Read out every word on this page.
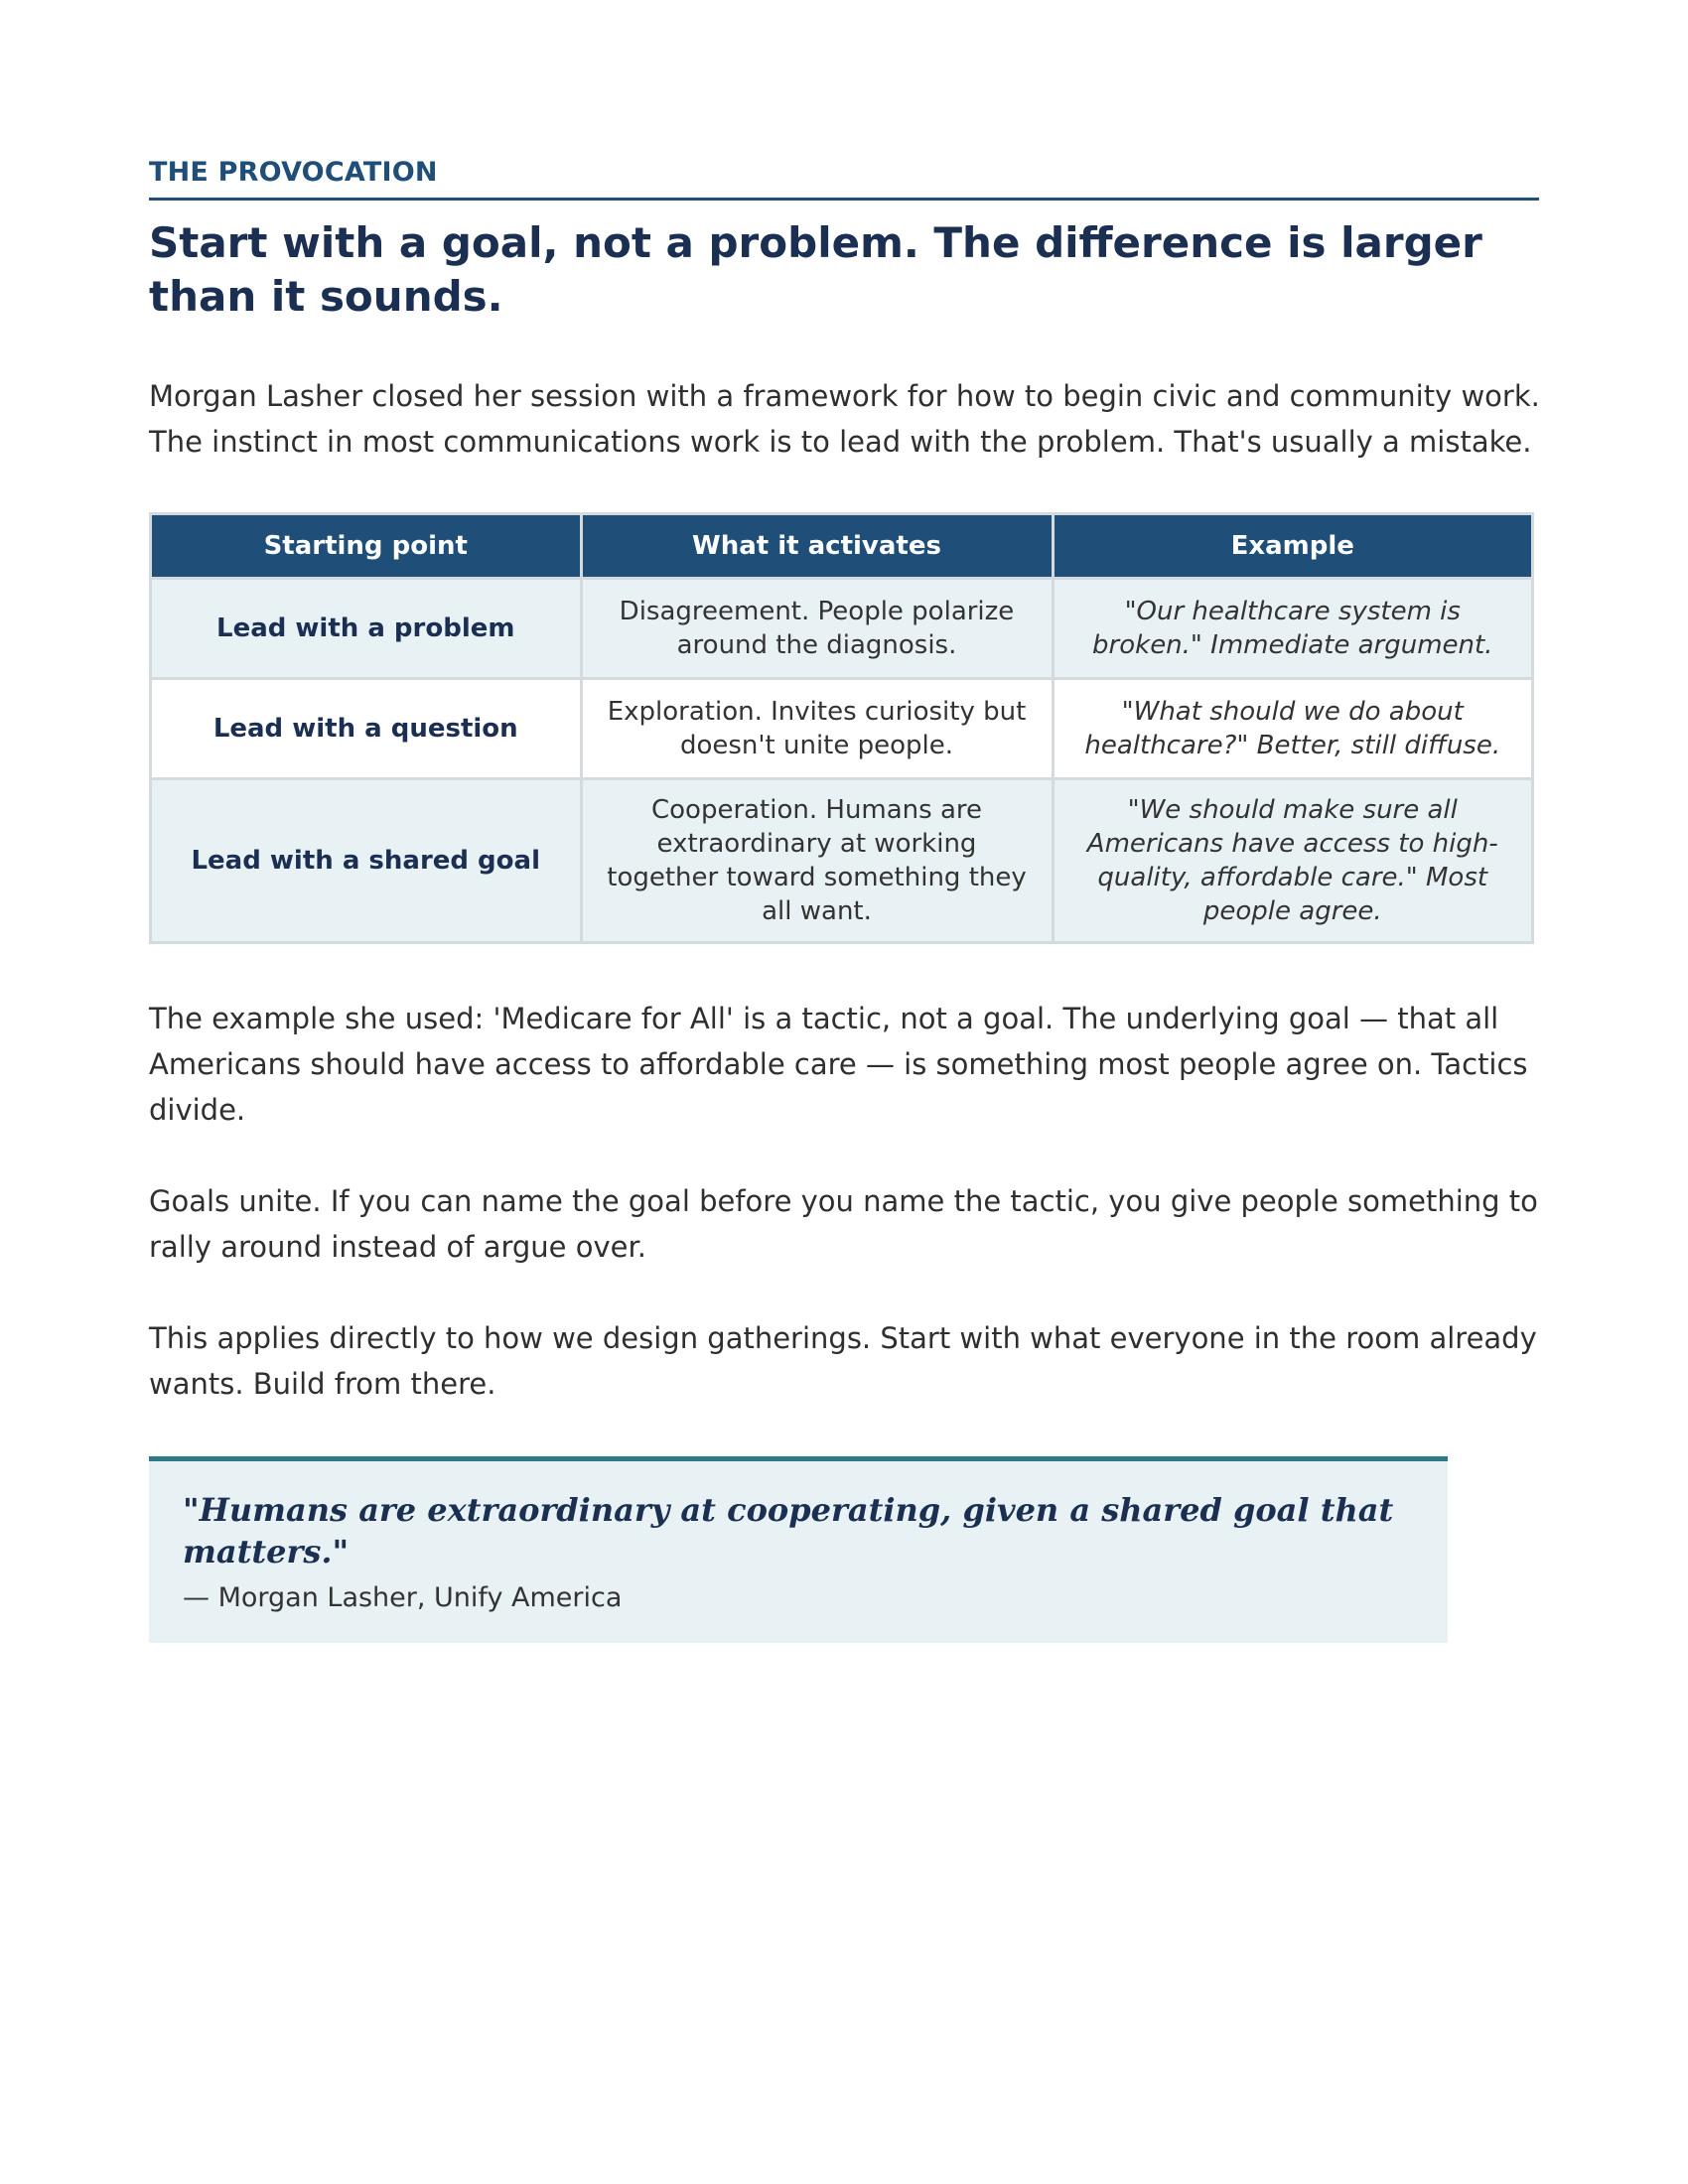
THE PROVOCATION
Start with a goal, not a problem. The difference is larger than it sounds.

Morgan Lasher closed her session with a framework for how to begin civic and community work. The instinct in most communications work is to lead with the problem. That's usually a mistake.

Starting point	What it activates	Example
Lead with a problem	Disagreement. People polarize around the diagnosis.	"Our healthcare system is broken." Immediate argument.
Lead with a question	Exploration. Invites curiosity but doesn't unite people.	"What should we do about healthcare?" Better, still diffuse.
Lead with a shared goal	Cooperation. Humans are extraordinary at working together toward something they all want.	"We should make sure all Americans have access to high-quality, affordable care." Most people agree.

The example she used: 'Medicare for All' is a tactic, not a goal. The underlying goal — that all Americans should have access to affordable care — is something most people agree on. Tactics divide.

Goals unite. If you can name the goal before you name the tactic, you give people something to rally around instead of argue over.

This applies directly to how we design gatherings. Start with what everyone in the room already wants. Build from there.

"Humans are extraordinary at cooperating, given a shared goal that matters."

— Morgan Lasher, Unify America
